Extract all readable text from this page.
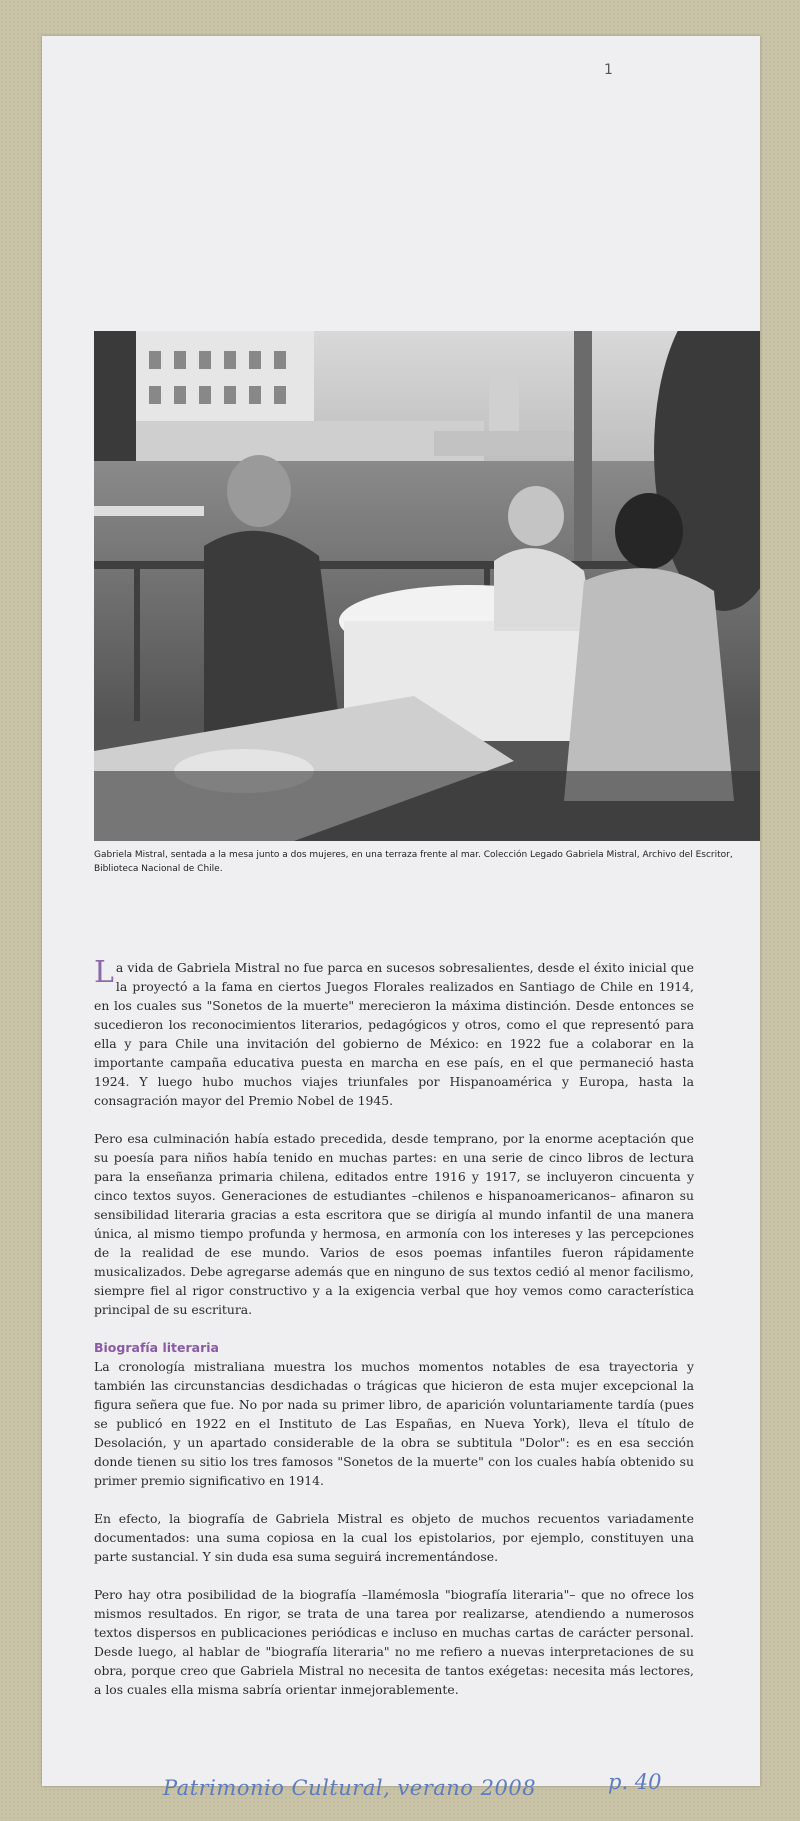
1
Gabriela Mistral, sentada a la mesa junto a dos mujeres, en una terraza frente al mar. Colección Legado Gabriela Mistral, Archivo del Escritor, Biblioteca Nacional de Chile.

La vida de Gabriela Mistral no fue parca en sucesos sobresalientes, desde el éxito inicial que la proyectó a la fama en ciertos Juegos Florales realizados en Santiago de Chile en 1914, en los cuales sus "Sonetos de la muerte" merecieron la máxima distinción. Desde entonces se sucedieron los reconocimientos literarios, pedagógicos y otros, como el que representó para ella y para Chile una invitación del gobierno de México: en 1922 fue a colaborar en la importante campaña educativa puesta en marcha en ese país, en el que permaneció hasta 1924. Y luego hubo muchos viajes triunfales por Hispanoamérica y Europa, hasta la consagración mayor del Premio Nobel de 1945.

Pero esa culminación había estado precedida, desde temprano, por la enorme aceptación que su poesía para niños había tenido en muchas partes: en una serie de cinco libros de lectura para la enseñanza primaria chilena, editados entre 1916 y 1917, se incluyeron cincuenta y cinco textos suyos. Generaciones de estudiantes –chilenos e hispanoamericanos– afinaron su sensibilidad literaria gracias a esta escritora que se dirigía al mundo infantil de una manera única, al mismo tiempo profunda y hermosa, en armonía con los intereses y las percepciones de la realidad de ese mundo. Varios de esos poemas infantiles fueron rápidamente musicalizados. Debe agregarse además que en ninguno de sus textos cedió al menor facilismo, siempre fiel al rigor constructivo y a la exigencia verbal que hoy vemos como característica principal de su escritura.

Biografía literaria

La cronología mistraliana muestra los muchos momentos notables de esa trayectoria y también las circunstancias desdichadas o trágicas que hicieron de esta mujer excepcional la figura señera que fue. No por nada su primer libro, de aparición voluntariamente tardía (pues se publicó en 1922 en el Instituto de Las Españas, en Nueva York), lleva el título de Desolación, y un apartado considerable de la obra se subtitula "Dolor": es en esa sección donde tienen su sitio los tres famosos "Sonetos de la muerte" con los cuales había obtenido su primer premio significativo en 1914.

En efecto, la biografía de Gabriela Mistral es objeto de muchos recuentos variadamente documentados: una suma copiosa en la cual los epistolarios, por ejemplo, constituyen una parte sustancial. Y sin duda esa suma seguirá incrementándose.

Pero hay otra posibilidad de la biografía –llamémosla "biografía literaria"– que no ofrece los mismos resultados. En rigor, se trata de una tarea por realizarse, atendiendo a numerosos textos dispersos en publicaciones periódicas e incluso en muchas cartas de carácter personal. Desde luego, al hablar de "biografía literaria" no me refiero a nuevas interpretaciones de su obra, porque creo que Gabriela Mistral no necesita de tantos exégetas: necesita más lectores, a los cuales ella misma sabría orientar inmejorablemente.

Patrimonio Cultural, verano 2008	p. 40
